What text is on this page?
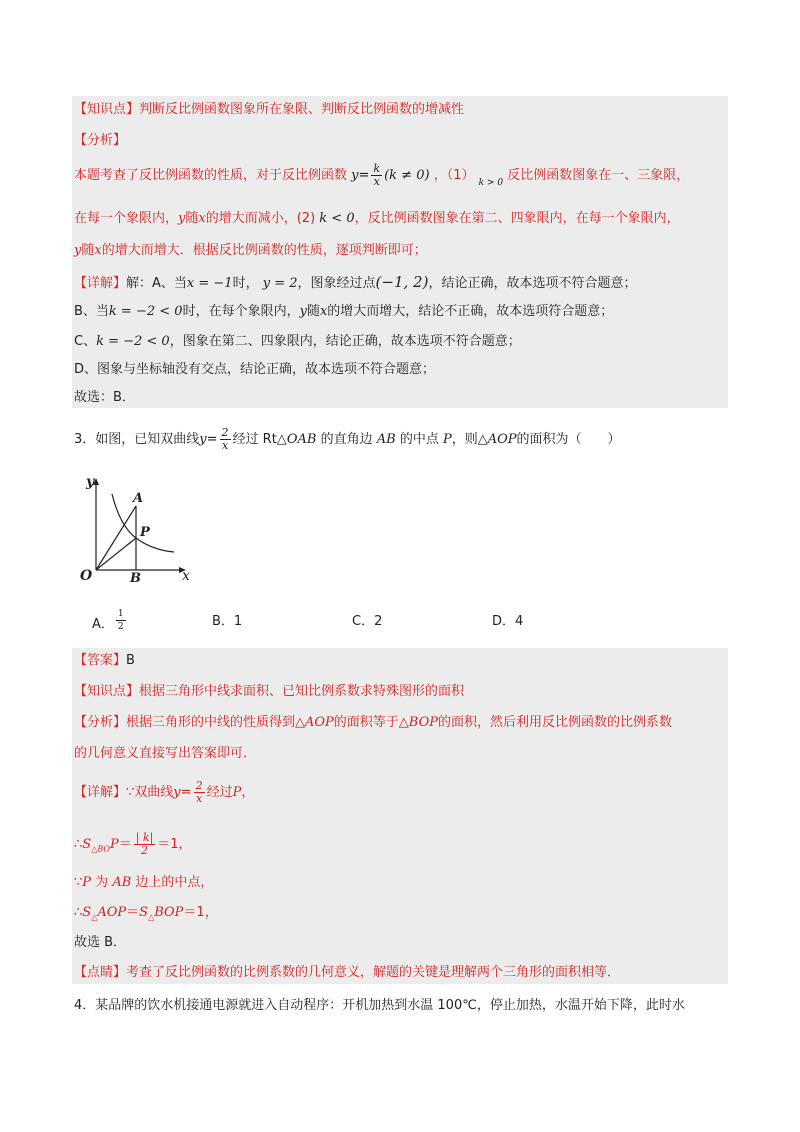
【知识点】判断反比例函数图象所在象限、判断反比例函数的增减性
【分析】
本题考查了反比例函数的性质，对于反比例函数 $y= \frac{k}{x} (k \ne 0)$ ，（1） $_{k > 0}$ 反比例函数图象在一、三象限，
在每一个象限内，y随x的增大而减小，(2) k < 0，反比例函数图象在第二、四象限内，在每一个象限内，
y随x的增大而增大．根据反比例函数的性质，逐项判断即可；
【详解】解：A、当x = −1时， y = 2，图象经过点(−1, 2)，结论正确，故本选项不符合题意；
B、当k = −2 < 0时，在每个象限内，y随x的增大而增大，结论不正确，故本选项符合题意；
C、k = −2 < 0，图象在第二、四象限内，结论正确，故本选项不符合题意；
D、图象与坐标轴没有交点，结论正确，故本选项不符合题意；
故选：B．
3．如图，已知双曲线$y= \frac{2}{x}$ 经过 Rt△OAB 的直角边 AB 的中点 P，则△AOP的面积为（　　）
y
x
O
A
B
P
A． $\frac{1}{2}$	B．1	C．2	D．4
【答案】B
【知识点】根据三角形中线求面积、已知比例系数求特殊图形的面积
【分析】根据三角形的中线的性质得到△AOP的面积等于△BOP的面积，然后利用反比例函数的比例系数
的几何意义直接写出答案即可．
【详解】∵双曲线$y= \frac{2}{x}$ 经过P，
$\therefore S_{\triangle BO}P= \frac{| k|}{2} =1$，
∵P 为 AB 边上的中点，
$\therefore S_\triangle AOP=S_\triangle BOP=1$，
故选 B．
【点睛】考查了反比例函数的比例系数的几何意义，解题的关键是理解两个三角形的面积相等．
4．某品牌的饮水机接通电源就进入自动程序：开机加热到水温 100℃，停止加热，水温开始下降，此时水
